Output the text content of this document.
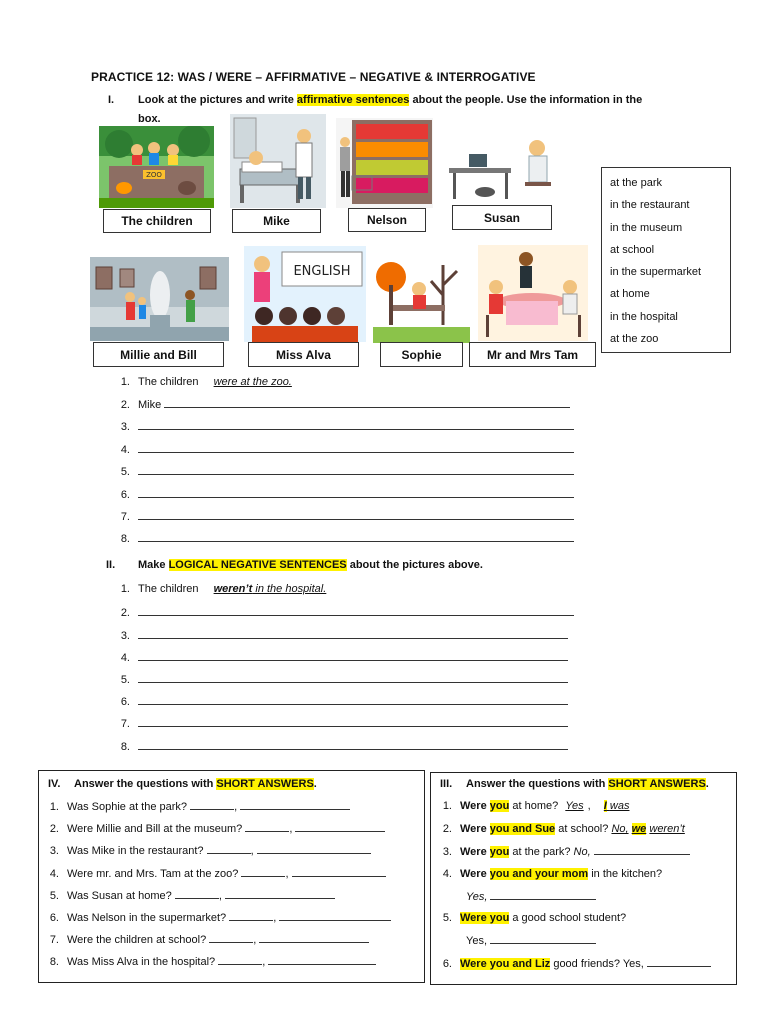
PRACTICE 12: WAS / WERE – AFFIRMATIVE – NEGATIVE & INTERROGATIVE
I. Look at the pictures and write affirmative sentences about the people. Use the information in the
box.
ZOO
The children	Mike	Nelson	Susan
at the park
in the restaurant
in the museum
at school
in the supermarket
at home
in the hospital
at the zoo
ENGLISH
Millie and Bill	Miss Alva	Sophie	Mr and Mrs Tam
1. The children were at the zoo.
2. Mike
3.
4.
5.
6.
7.
8.
II. Make LOGICAL NEGATIVE SENTENCES about the pictures above.
1. The children weren’t in the hospital.
2.
3.
4.
5.
6.
7.
8.
IV. Answer the questions with SHORT ANSWERS.
1. Was Sophie at the park?	,
2. Were Millie and Bill at the museum?	,
3. Was Mike in the restaurant?	,
4. Were mr. and Mrs. Tam at the zoo?	,
5. Was Susan at home?	,
6. Was Nelson in the supermarket?	,
7. Were the children at school?	,
8. Was Miss Alva in the hospital?	,
III. Answer the questions with SHORT ANSWERS.
1. Were you at home? Yes , I was
2. Were you and Sue at school? No, we weren’t
3. Were you at the park? No,
4. Were you and your mom in the kitchen?
Yes,
5. Were you a good school student?
Yes,
6. Were you and Liz good friends? Yes,
